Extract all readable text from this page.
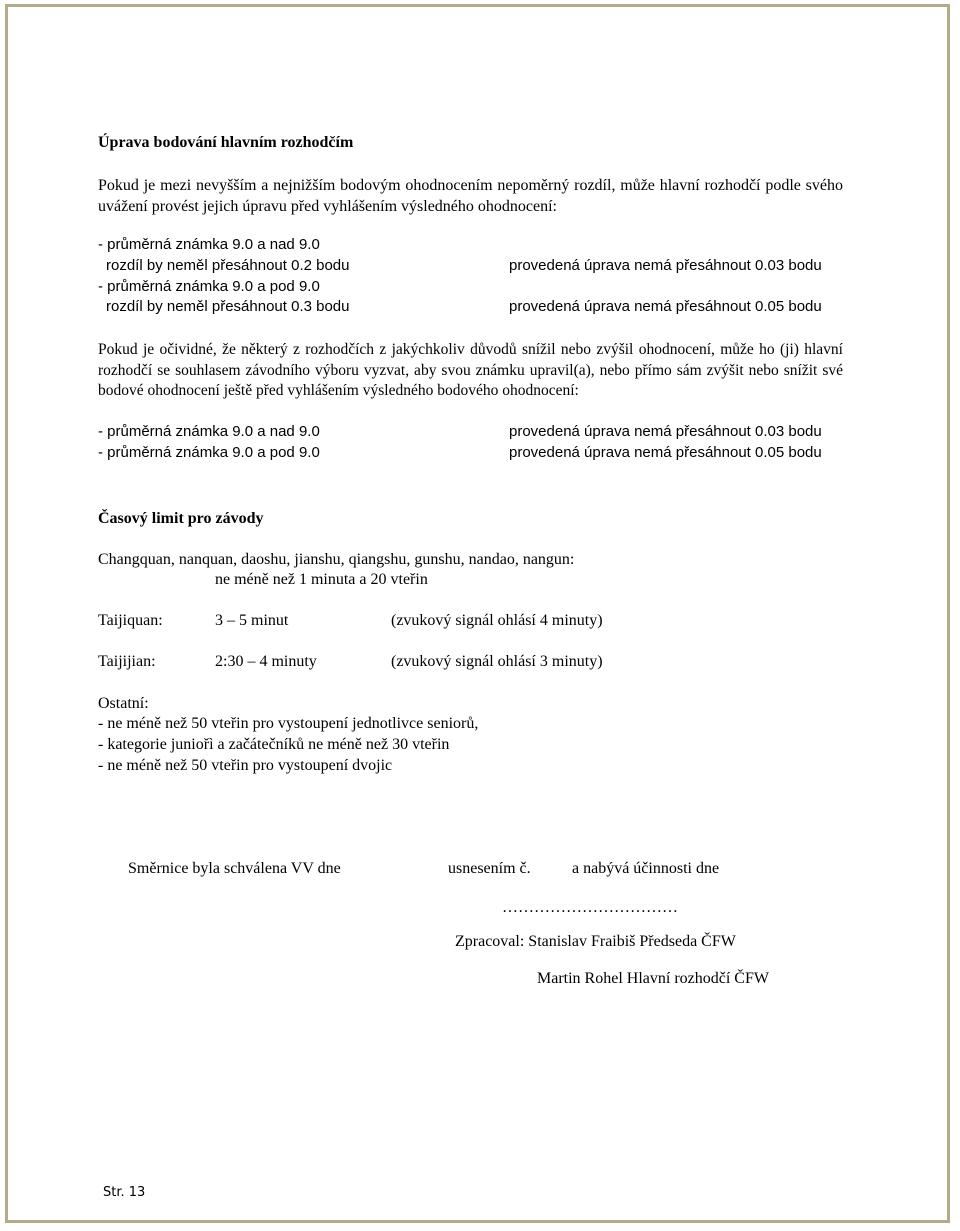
Úprava bodování hlavním rozhodčím
Pokud je mezi nevyšším a nejnižším bodovým ohodnocením nepoměrný rozdíl, může hlavní rozhodčí podle svého uvážení provést jejich úpravu před vyhlášením výsledného ohodnocení:
- průměrná známka 9.0 a nad 9.0
rozdíl by neměl přesáhnout 0.2 bodu	provedená úprava nemá přesáhnout 0.03 bodu
- průměrná známka 9.0 a pod 9.0
rozdíl by neměl přesáhnout 0.3 bodu	provedená úprava nemá přesáhnout 0.05 bodu
Pokud je očividné, že některý z rozhodčích z jakýchkoliv důvodů snížil nebo zvýšil ohodnocení, může ho (ji) hlavní rozhodčí se souhlasem závodního výboru vyzvat, aby svou známku upravil(a), nebo přímo sám zvýšit nebo snížit své bodové ohodnocení ještě před vyhlášením výsledného bodového ohodnocení:
- průměrná známka 9.0 a nad 9.0	provedená úprava nemá přesáhnout 0.03 bodu
- průměrná známka 9.0 a pod 9.0	provedená úprava nemá přesáhnout 0.05 bodu
Časový limit pro závody
Changquan, nanquan, daoshu, jianshu, qiangshu, gunshu, nandao, nangun:
ne méně než 1 minuta a 20 vteřin
Taijiquan:	3 – 5 minut	(zvukový signál ohlásí 4 minuty)
Taijijian:	2:30 – 4 minuty	(zvukový signál ohlásí 3 minuty)
Ostatní:
- ne méně než 50 vteřin pro vystoupení jednotlivce seniorů,
- kategorie juniořì a začátečníků ne méně než 30 vteřin
- ne méně než 50 vteřin pro vystoupení dvojic
Směrnice byla schválena VV dne	usnesením č.	a nabývá účinnosti dne
……………………………
Zpracoval: Stanislav Fraibiš Předseda ČFW
Martin Rohel Hlavní rozhodčí ČFW
Str. 13
